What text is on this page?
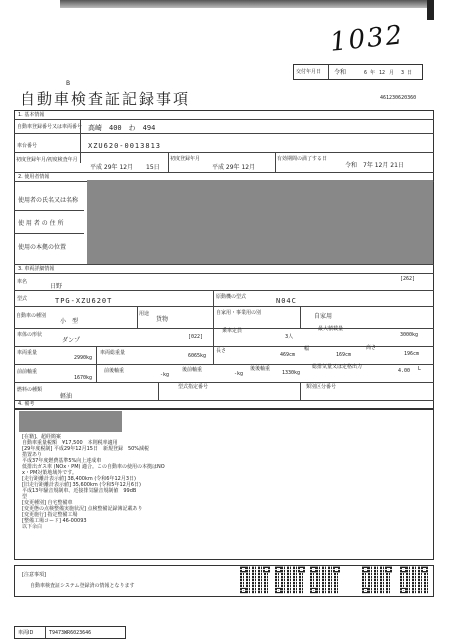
1032
交付年月日 令和	6 年 12 月 3 日
B
自動車検査証記録事項	461230620360
1. 基本情報
自動車登録番号又は車両番号 高崎　400　わ　494
車台番号	XZU620-0013813
初度登録年月/初度検査年月
平成 29年 12月 15日
初度登録年月
平成 29年 12月
有効期間の満了する日
令和　7年 12月 21日
2. 使用者情報
使用者の氏名又は名称
使 用 者 の 住 所
使用の本拠の位置
3. 車両詳細情報
[262]
車名
日野
型式	TPG-XZU620T	原動機の型式	N04C
自動車の種別
小　型
用途
貨物
自家用・事業用の別	自家用
車体の形状
ダンプ	[022]
乗車定員
3人
最大積載量
3000kg
車両重量
2990kg
車両総重量	6065kg
長さ
469cm
幅
169cm
高さ
196cm
前前軸重
1670kg
前後軸重
-kg
後前軸重
-kg
後後軸重
1330kg
総排気量又は定格出力
4.00 L
燃料の種類
軽油
型式指定番号	類別区分番号
4. 備考
[在籍]、超経簡案
自動車重量税額　¥17,500　本則税率適用
[29年度税制] 平成29年12月15日　新規登録　50%減税
措置あり
平成37年度燃費基準5%向上達成車
低排出ガス車 (NOx・PM) 適合。この自動車の使用の本拠はNO
x・PM対策地域外です。
[走行距離計表示値] 38,400km (令和6年12月3日)
[旧走行距離計表示値] 35,600km (令和5年12月6日)
平成13年騒音規制車、近接排気騒音規制値　99dB
型
[変更種別] 自宅整備車
[変更態の点検整備実施状況] 点検整備記録簿記載あり
[変更施行] 指定整備工場
[整備工場コード] 46-00093
以下余白
[注意事項]
自動車検査証システム登録済の情報となります
車両ID	T9473WR6023646
